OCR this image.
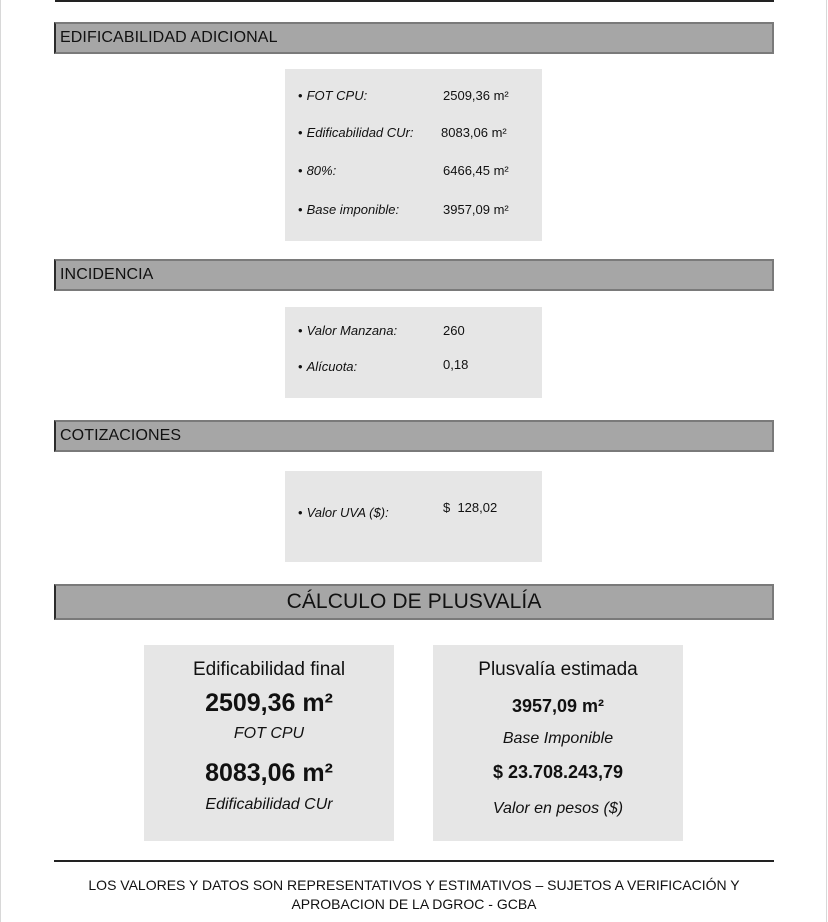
EDIFICABILIDAD ADICIONAL
• FOT CPU:	2509,36 m²
• Edificabilidad CUr: 8083,06 m²
• 80%:	6466,45 m²
• Base imponible:	3957,09 m²
INCIDENCIA
• Valor Manzana:	260
• Alícuota:	0,18
COTIZACIONES
• Valor UVA ($):	$  128,02
CÁLCULO DE PLUSVALÍA
Edificabilidad final
2509,36 m²
FOT CPU
8083,06 m²
Edificabilidad CUr
Plusvalía estimada
3957,09 m²
Base Imponible
$ 23.708.243,79
Valor en pesos ($)
LOS VALORES Y DATOS SON REPRESENTATIVOS Y ESTIMATIVOS – SUJETOS A VERIFICACIÓN Y
APROBACION DE LA DGROC - GCBA
